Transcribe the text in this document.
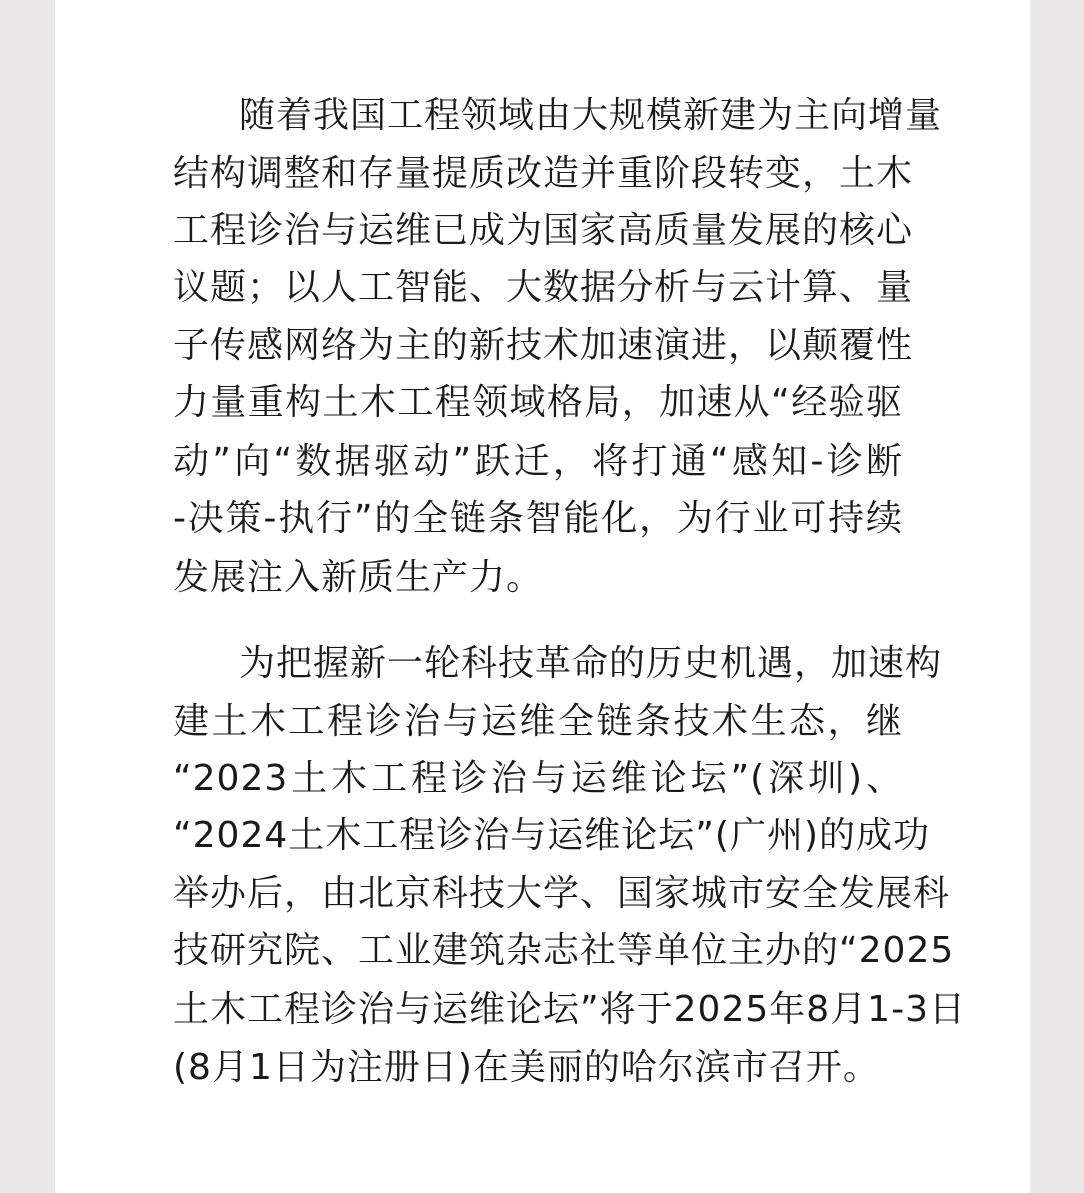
随着我国工程领域由大规模新建为主向增量
结构调整和存量提质改造并重阶段转变，土木
工程诊治与运维已成为国家高质量发展的核心
议题；以人工智能、大数据分析与云计算、量
子传感网络为主的新技术加速演进，以颠覆性
力量重构土木工程领域格局，加速从“经验驱
动”向“数据驱动”跃迁，将打通“感知-诊断
-决策-执行”的全链条智能化，为行业可持续
发展注入新质生产力。
为把握新一轮科技革命的历史机遇，加速构
建土木工程诊治与运维全链条技术生态，继
“2023土木工程诊治与运维论坛”(深圳)、
“2024土木工程诊治与运维论坛”(广州)的成功
举办后，由北京科技大学、国家城市安全发展科
技研究院、工业建筑杂志社等单位主办的“2025
土木工程诊治与运维论坛”将于2025年8月1-3日
(8月1日为注册日)在美丽的哈尔滨市召开。
